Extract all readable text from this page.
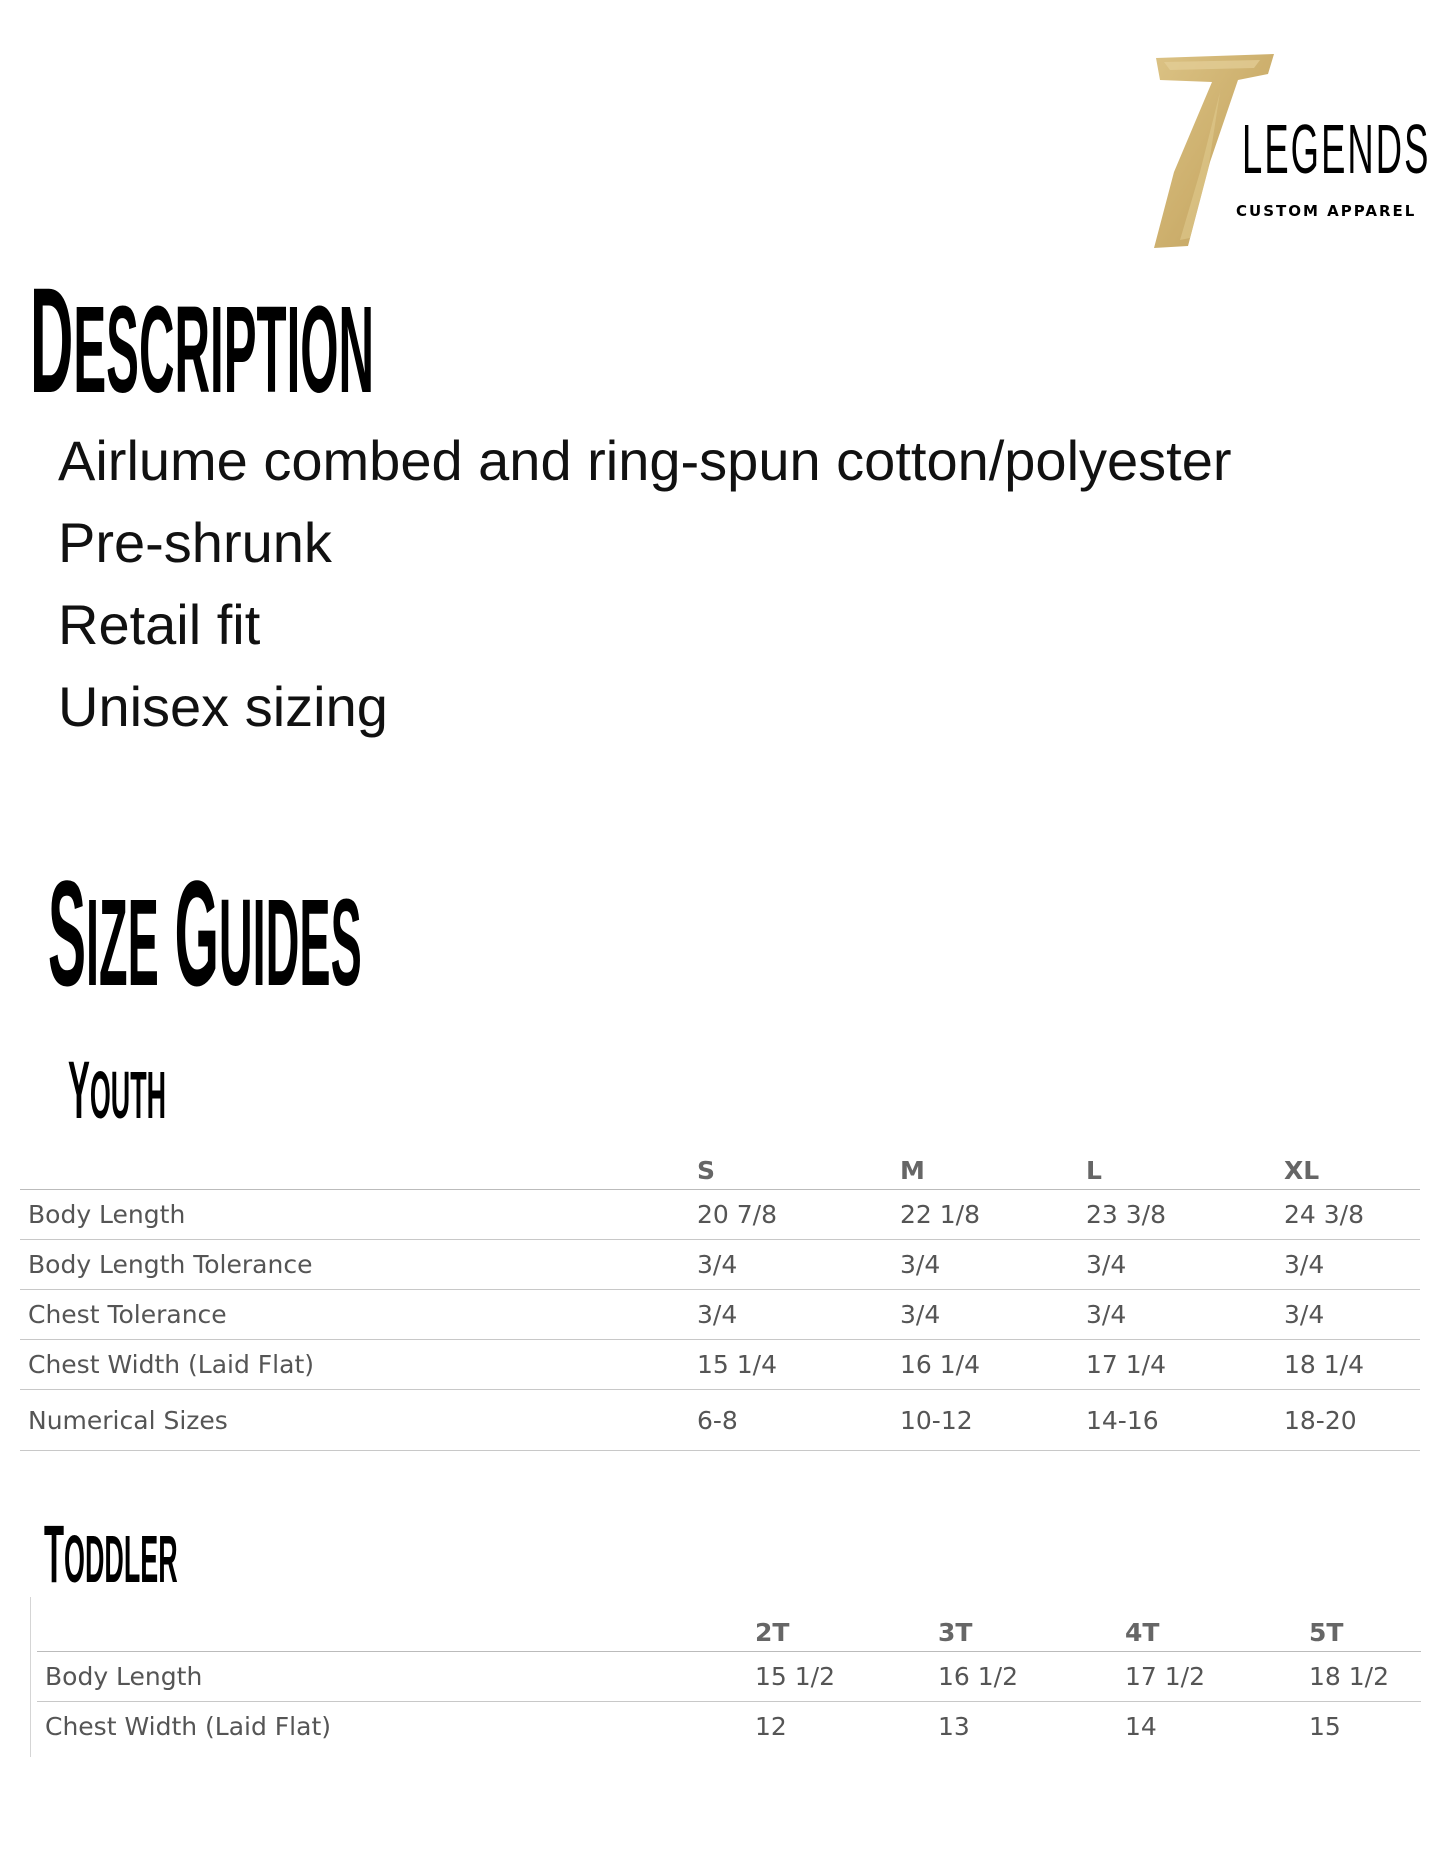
LEGENDS
CUSTOM APPAREL
DESCRIPTION
Airlume combed and ring-spun cotton/polyester
Pre-shrunk
Retail fit
Unisex sizing
SIZE GUIDES
YOUTH
	S	M	L	XL
Body Length	20 7/8	22 1/8	23 3/8	24 3/8
Body Length Tolerance	3/4	3/4	3/4	3/4
Chest Tolerance	3/4	3/4	3/4	3/4
Chest Width (Laid Flat)	15 1/4	16 1/4	17 1/4	18 1/4
Numerical Sizes	6-8	10-12	14-16	18-20
TODDLER
	2T	3T	4T	5T
Body Length	15 1/2	16 1/2	17 1/2	18 1/2
Chest Width (Laid Flat)	12	13	14	15
